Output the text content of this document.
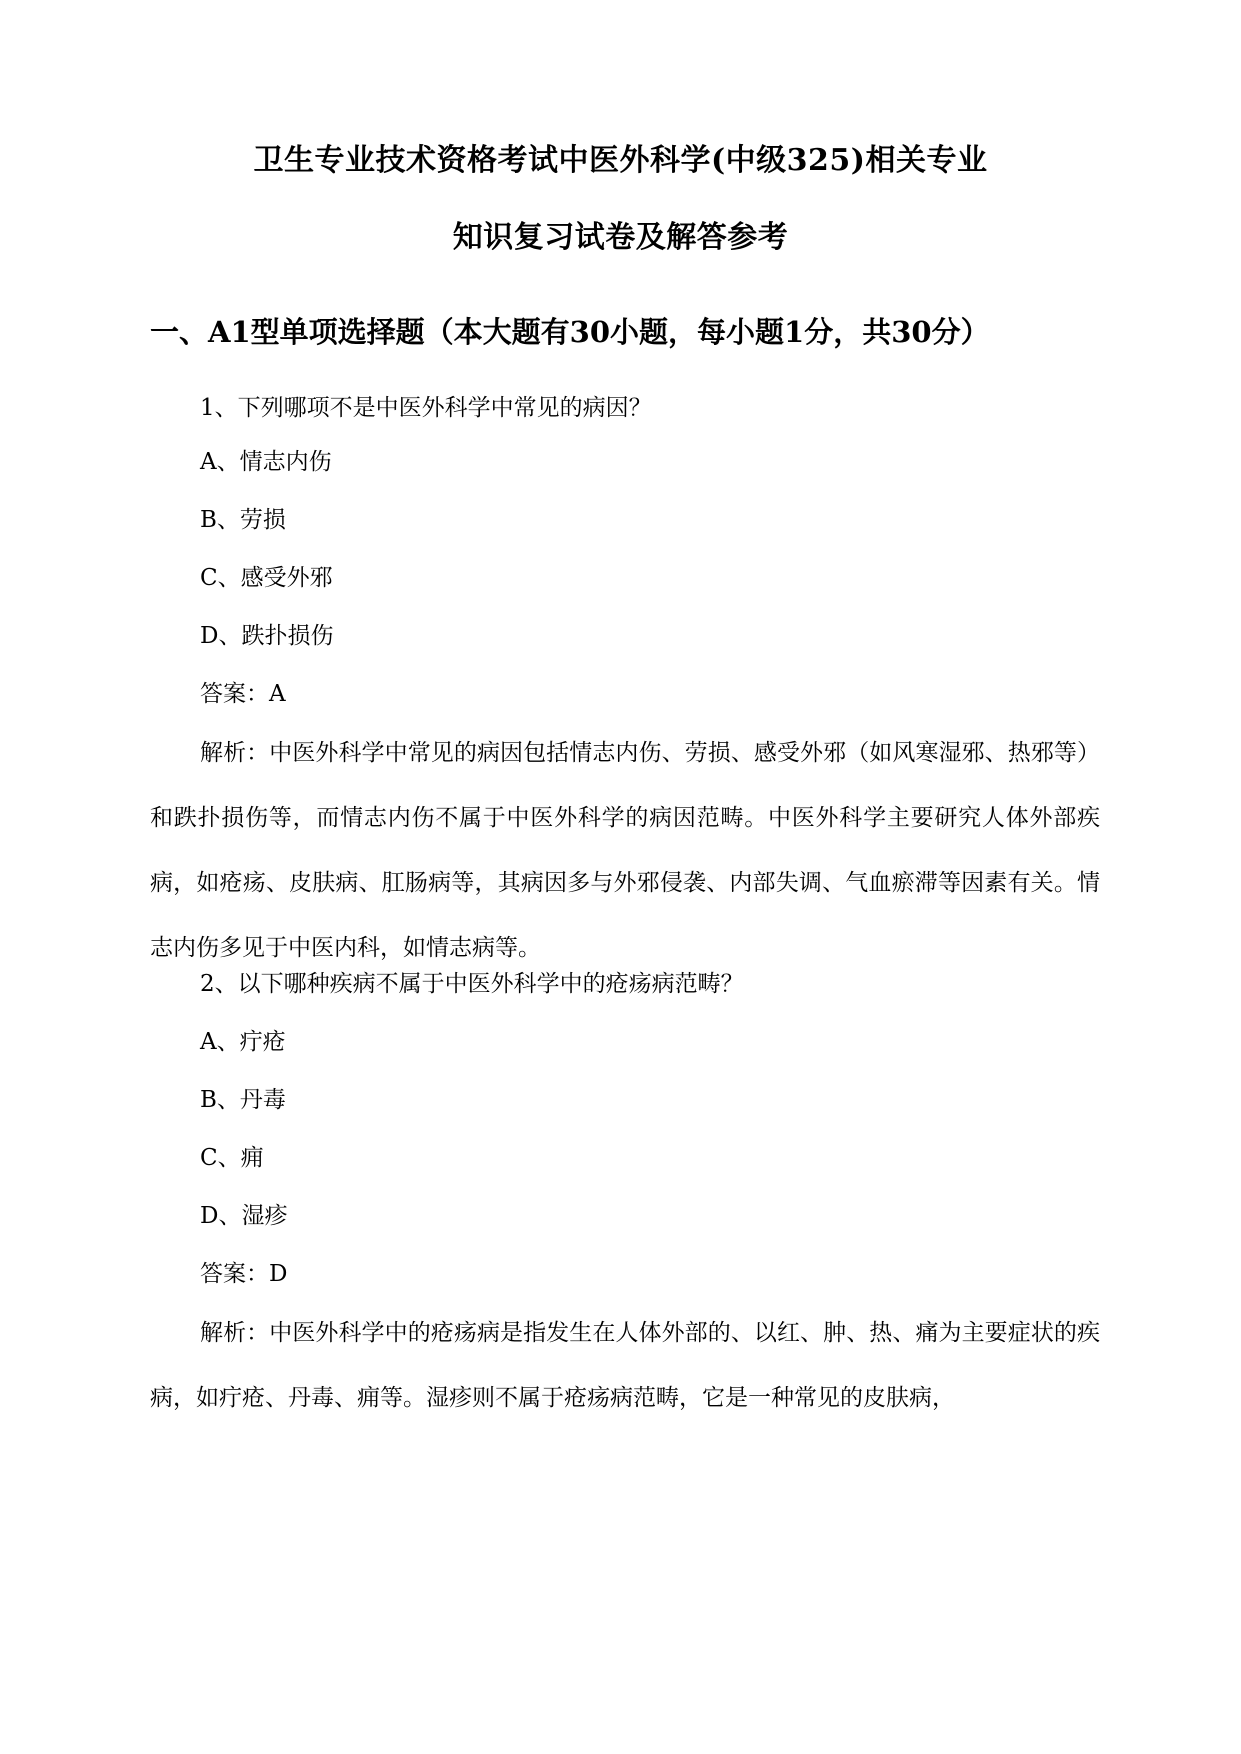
卫生专业技术资格考试中医外科学(中级325)相关专业
知识复习试卷及解答参考
一、A1型单项选择题（本大题有30小题，每小题1分，共30分）
1、下列哪项不是中医外科学中常见的病因？
A、情志内伤
B、劳损
C、感受外邪
D、跌扑损伤
答案：A
解析：中医外科学中常见的病因包括情志内伤、劳损、感受外邪（如风寒湿邪、热邪等）和跌扑损伤等，而情志内伤不属于中医外科学的病因范畴。中医外科学主要研究人体外部疾病，如疮疡、皮肤病、肛肠病等，其病因多与外邪侵袭、内部失调、气血瘀滞等因素有关。情志内伤多见于中医内科，如情志病等。
2、以下哪种疾病不属于中医外科学中的疮疡病范畴？
A、疔疮
B、丹毒
C、痈
D、湿疹
答案：D
解析：中医外科学中的疮疡病是指发生在人体外部的、以红、肿、热、痛为主要症状的疾病，如疔疮、丹毒、痈等。湿疹则不属于疮疡病范畴，它是一种常见的皮肤病，
